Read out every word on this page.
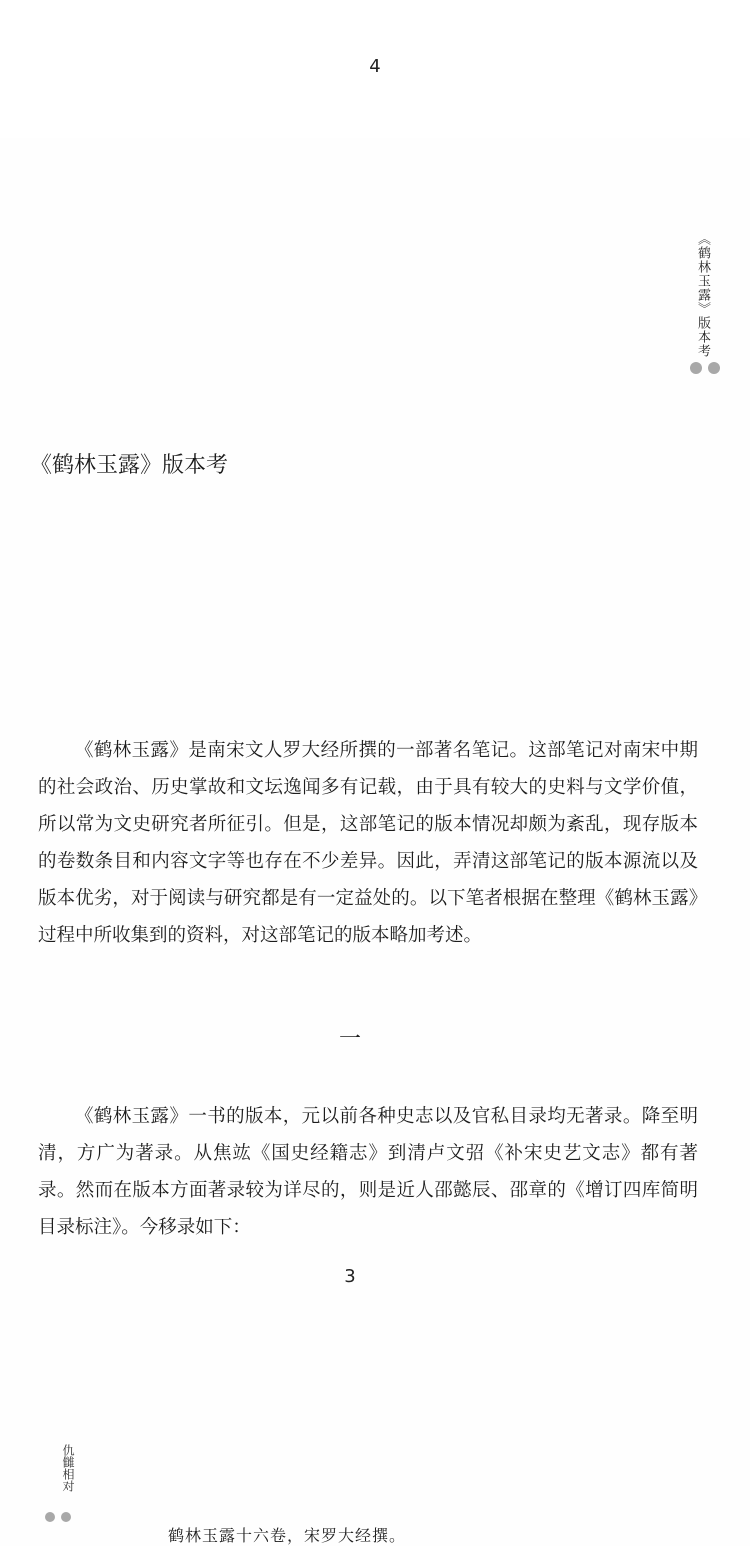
4
《鹤林玉露》版本考
《鹤林玉露》版本考

《鹤林玉露》是南宋文人罗大经所撰的一部著名笔记。这部笔记对南宋中期的社会政治、历史掌故和文坛逸闻多有记载，由于具有较大的史料与文学价值，所以常为文史研究者所征引。但是，这部笔记的版本情况却颇为紊乱，现存版本的卷数条目和内容文字等也存在不少差异。因此，弄清这部笔记的版本源流以及版本优劣，对于阅读与研究都是有一定益处的。以下笔者根据在整理《鹤林玉露》过程中所收集到的资料，对这部笔记的版本略加考述。

一

《鹤林玉露》一书的版本，元以前各种史志以及官私目录均无著录。降至明清，方广为著录。从焦竑《国史经籍志》到清卢文弨《补宋史艺文志》都有著录。然而在版本方面著录较为详尽的，则是近人邵懿辰、邵章的《增订四库简明目录标注》。今移录如下：

3
仇雠相对
鹤林玉露十六卷，宋罗大经撰。
